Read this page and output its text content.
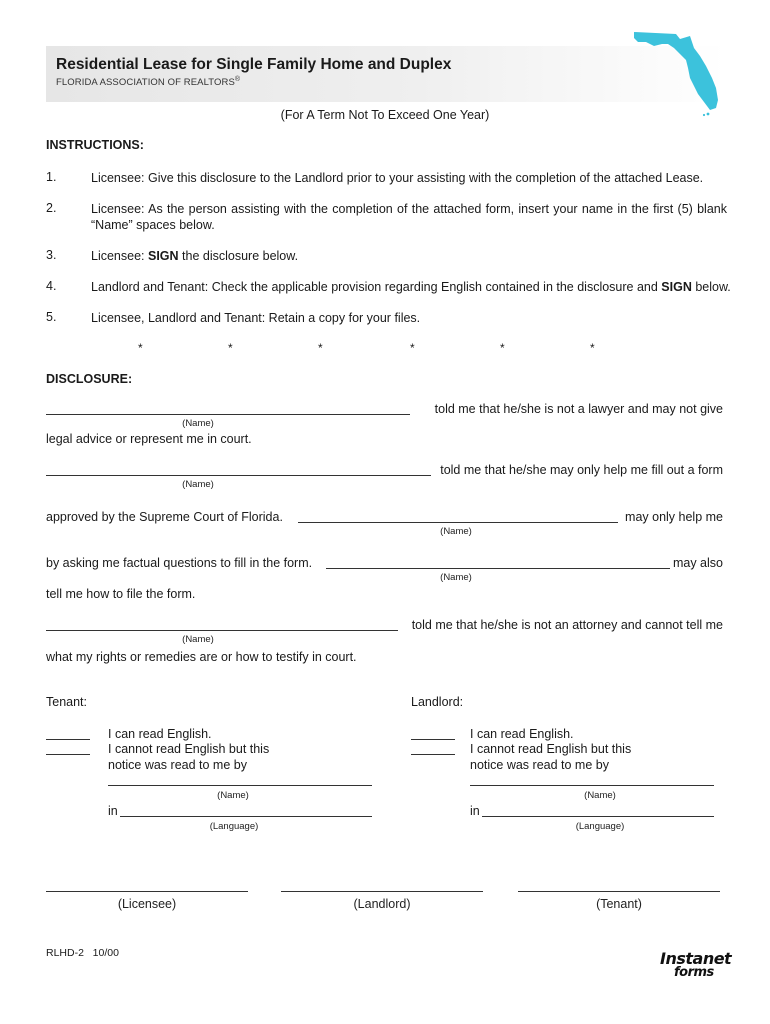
Residential Lease for Single Family Home and Duplex
FLORIDA ASSOCIATION OF REALTORS®
(For A Term Not To Exceed One Year)
INSTRUCTIONS:
1.	Licensee: Give this disclosure to the Landlord prior to your assisting with the completion of the attached Lease.
2.	Licensee: As the person assisting with the completion of the attached form, insert your name in the first (5) blank “Name” spaces below.
3.	Licensee: SIGN the disclosure below.
4.	Landlord and Tenant: Check the applicable provision regarding English contained in the disclosure and SIGN below.
5.	Licensee, Landlord and Tenant: Retain a copy for your files.
*	*	*	*	*	*
DISCLOSURE:
told me that he/she is not a lawyer and may not give
(Name)
legal advice or represent me in court.
told me that he/she may only help me fill out a form
(Name)
approved by the Supreme Court of Florida.	may only help me
(Name)
by asking me factual questions to fill in the form.	may also
(Name)
tell me how to file the form.
told me that he/she is not an attorney and cannot tell me
(Name)
what my rights or remedies are or how to testify in court.
Tenant:	Landlord:
I can read English.
I cannot read English but this
notice was read to me by
(Name)
in
(Language)
I can read English.
I cannot read English but this
notice was read to me by
(Name)
in
(Language)
(Licensee)	(Landlord)	(Tenant)
RLHD-2   10/00	Instanet
forms
